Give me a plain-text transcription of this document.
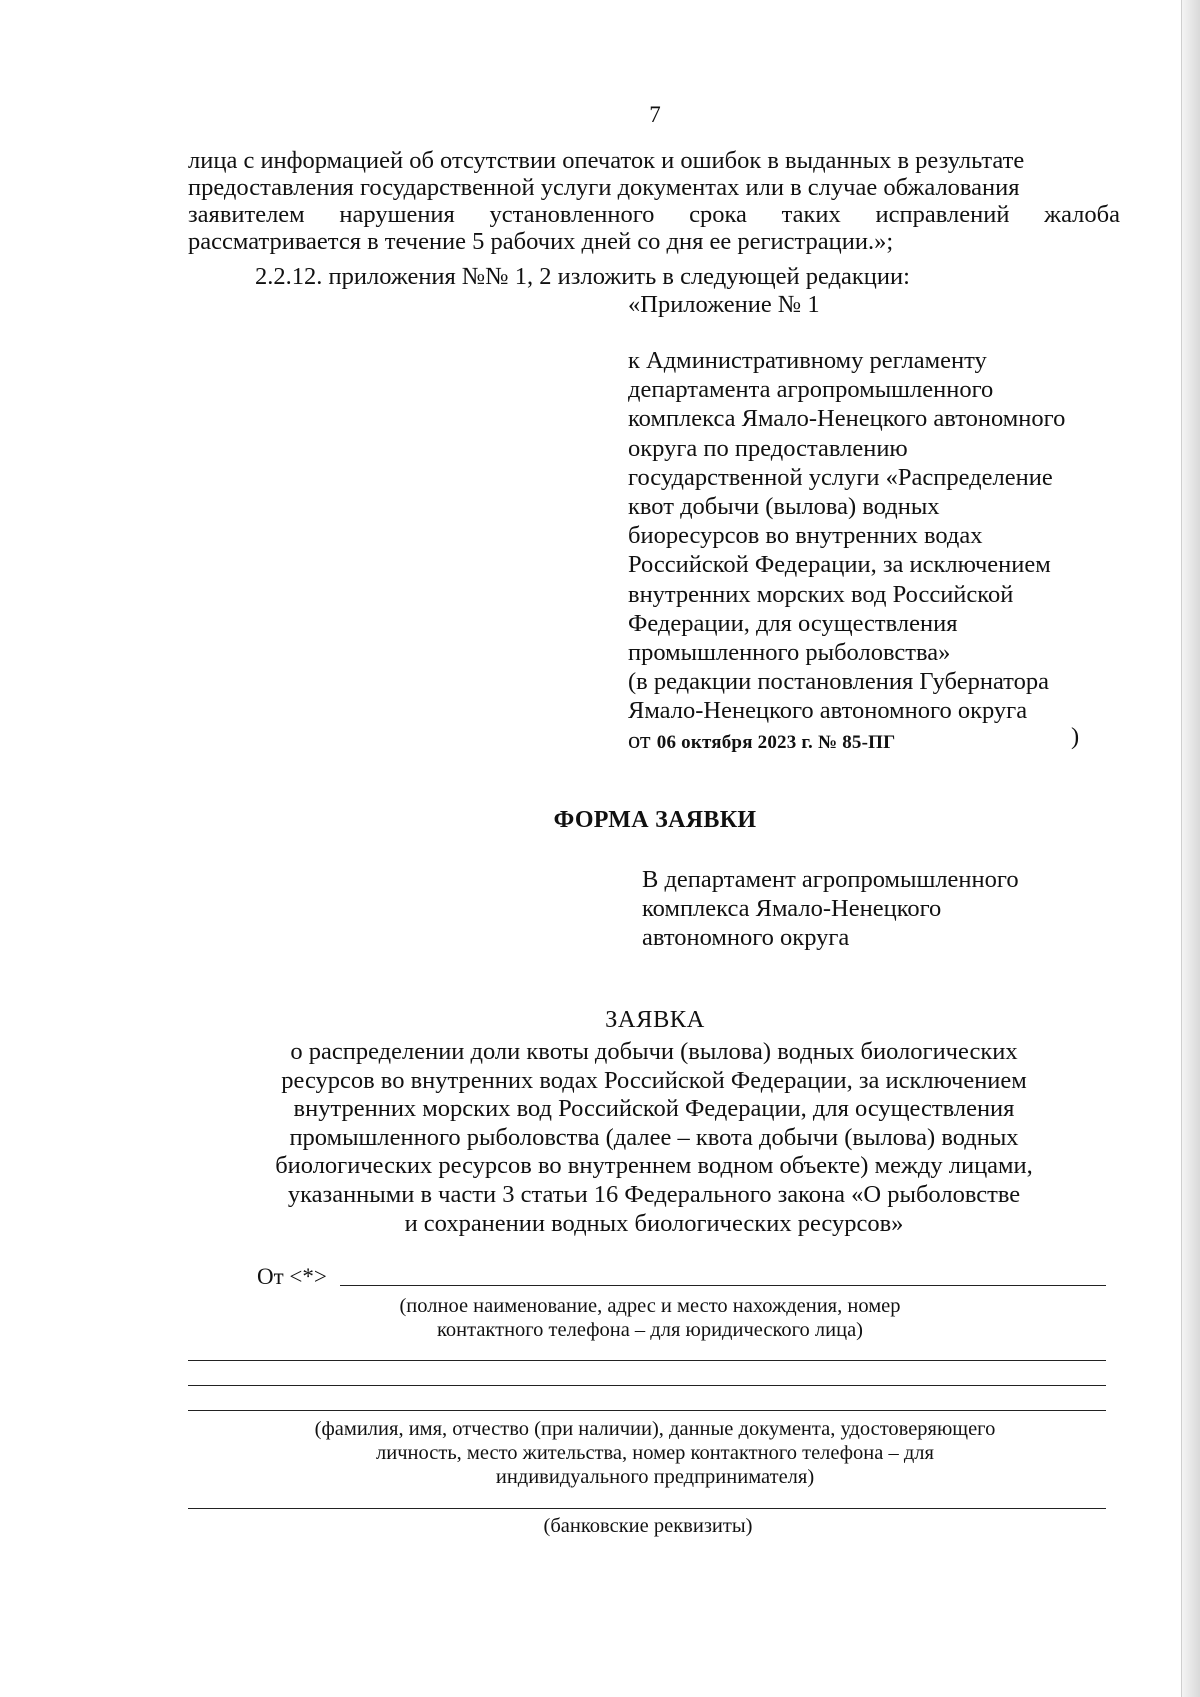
7
лица с информацией об отсутствии опечаток и ошибок в выданных в результате
предоставления государственной услуги документах или в случае обжалования
заявителем нарушения установленного срока таких исправлений жалоба
рассматривается в течение 5 рабочих дней со дня ее регистрации.»;
2.2.12. приложения №№ 1, 2 изложить в следующей редакции:
«Приложение № 1
к Административному регламенту
департамента агропромышленного
комплекса Ямало-Ненецкого автономного
округа по предоставлению
государственной услуги «Распределение
квот добычи (вылова) водных
биоресурсов во внутренних водах
Российской Федерации, за исключением
внутренних морских вод Российской
Федерации, для осуществления
промышленного рыболовства»
(в редакции постановления Губернатора
Ямало-Ненецкого автономного округа
от 06 октября 2023 г. № 85-ПГ	)
ФОРМА ЗАЯВКИ
В департамент агропромышленного
комплекса Ямало-Ненецкого
автономного округа
ЗАЯВКА
о распределении доли квоты добычи (вылова) водных биологических
ресурсов во внутренних водах Российской Федерации, за исключением
внутренних морских вод Российской Федерации, для осуществления
промышленного рыболовства (далее – квота добычи (вылова) водных
биологических ресурсов во внутреннем водном объекте) между лицами,
указанными в части 3 статьи 16 Федерального закона «О рыболовстве
и сохранении водных биологических ресурсов»
От <*>
(полное наименование, адрес и место нахождения, номер
контактного телефона – для юридического лица)
(фамилия, имя, отчество (при наличии), данные документа, удостоверяющего
личность, место жительства, номер контактного телефона – для
индивидуального предпринимателя)
(банковские реквизиты)
